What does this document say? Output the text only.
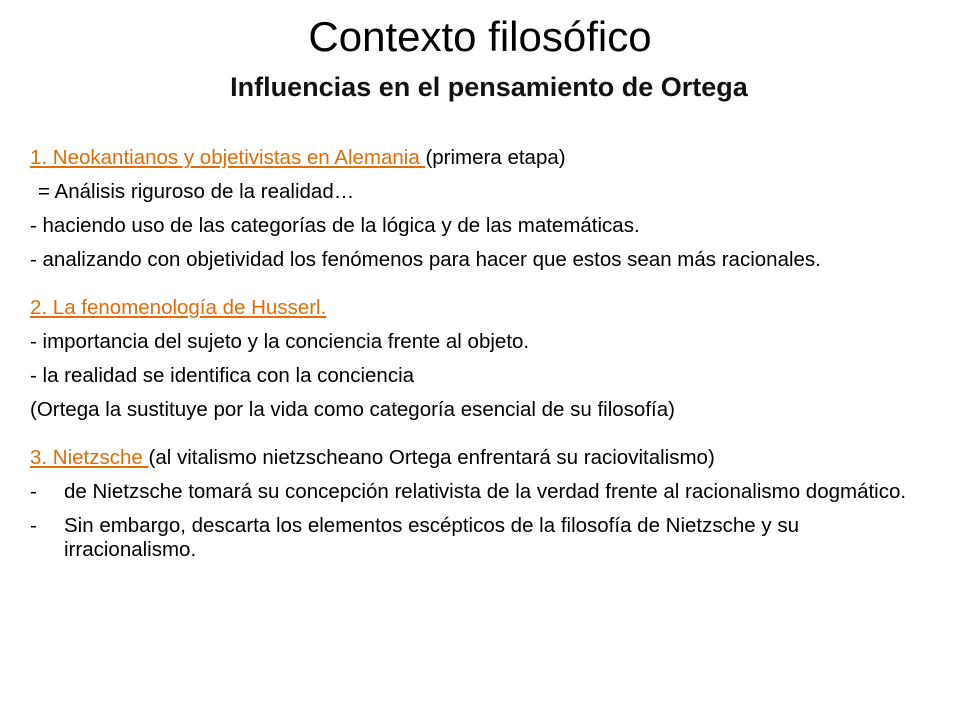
Contexto filosófico
Influencias en el pensamiento de Ortega

1. Neokantianos y objetivistas en Alemania (primera etapa)

= Análisis riguroso de la realidad…

- haciendo uso de las categorías de la lógica y de las matemáticas.

- analizando con objetividad los fenómenos para hacer que estos sean más racionales.

2. La fenomenología de Husserl.

- importancia del sujeto y la conciencia frente al objeto.

- la realidad se identifica con la conciencia

(Ortega la sustituye por la vida como categoría esencial de su filosofía)

3. Nietzsche (al vitalismo nietzscheano Ortega enfrentará su raciovitalismo)

-	de Nietzsche tomará su concepción relativista de la verdad frente al racionalismo dogmático.
-	Sin embargo, descarta los elementos escépticos de la filosofía de Nietzsche y su irracionalismo.
